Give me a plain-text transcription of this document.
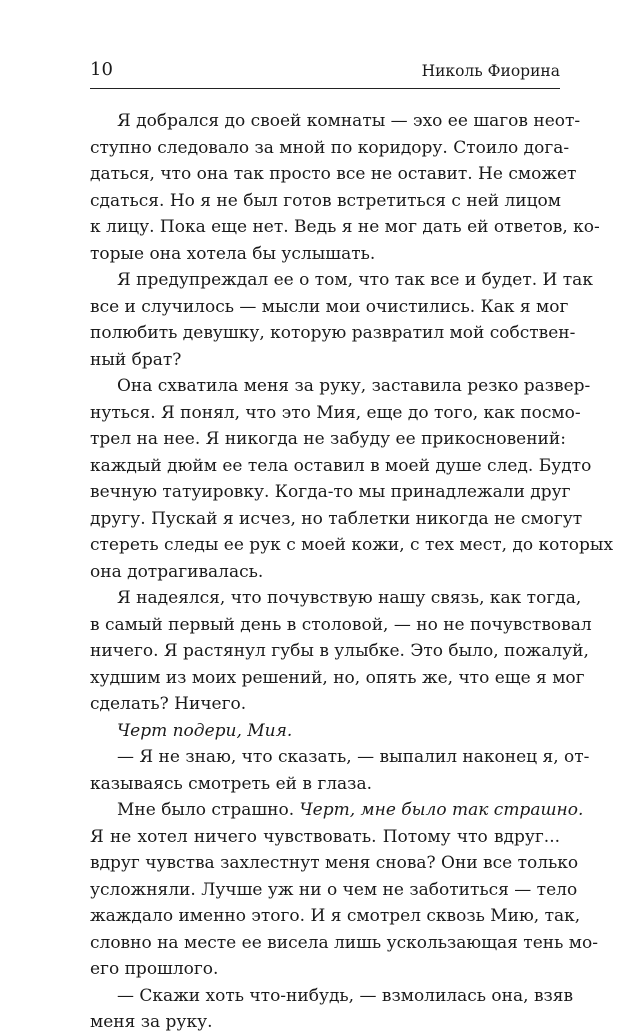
10	Николь Фиорина

Я добрался до своей комнаты — эхо ее шагов неот-
ступно следовало за мной по коридору. Стоило дога-
даться, что она так просто все не оставит. Не сможет
сдаться. Но я не был готов встретиться с ней лицом
к лицу. Пока еще нет. Ведь я не мог дать ей ответов, ко-
торые она хотела бы услышать.

Я предупреждал ее о том, что так все и будет. И так
все и случилось — мысли мои очистились. Как я мог
полюбить девушку, которую развратил мой собствен-
ный брат?

Она схватила меня за руку, заставила резко развер-
нуться. Я понял, что это Мия, еще до того, как посмо-
трел на нее. Я никогда не забуду ее прикосновений:
каждый дюйм ее тела оставил в моей душе след. Будто
вечную татуировку. Когда-то мы принадлежали друг
другу. Пускай я исчез, но таблетки никогда не смогут
стереть следы ее рук с моей кожи, с тех мест, до которых
она дотрагивалась.

Я надеялся, что почувствую нашу связь, как тогда,
в самый первый день в столовой, — но не почувствовал
ничего. Я растянул губы в улыбке. Это было, пожалуй,
худшим из моих решений, но, опять же, что еще я мог
сделать? Ничего.

Черт подери, Мия.

— Я не знаю, что сказать, — выпалил наконец я, от-
казываясь смотреть ей в глаза.

Мне было страшно. Черт, мне было так страшно.
Я не хотел ничего чувствовать. Потому что вдруг...
вдруг чувства захлестнут меня снова? Они все только
усложняли. Лучше уж ни о чем не заботиться — тело
жаждало именно этого. И я смотрел сквозь Мию, так,
словно на месте ее висела лишь ускользающая тень мо-
его прошлого.

— Скажи хоть что-нибудь, — взмолилась она, взяв
меня за руку.
